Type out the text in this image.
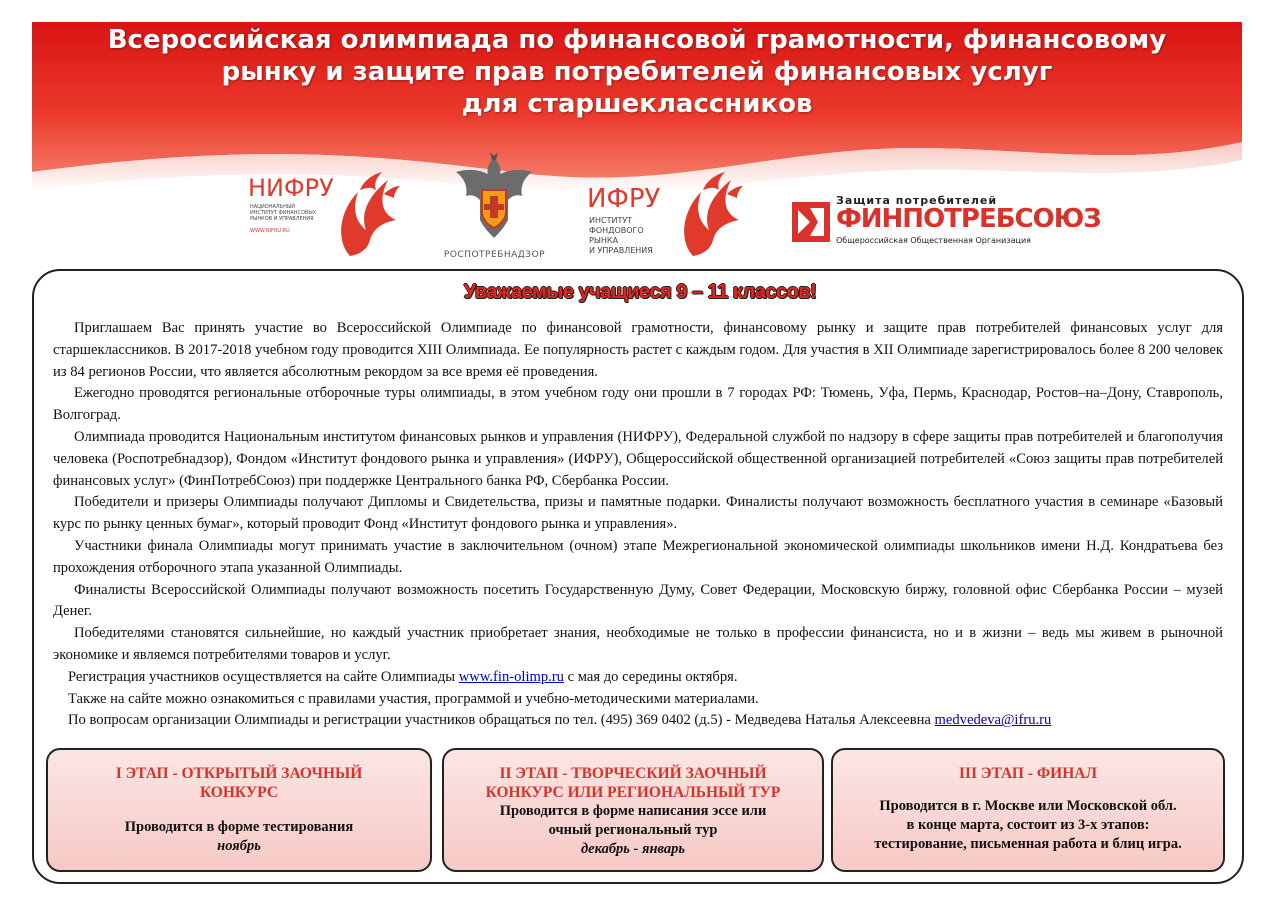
Всероссийская олимпиада по финансовой грамотности, финансовому
рынку и защите прав потребителей финансовых услуг
для старшеклассников
НИФРУ
НАЦИОНАЛЬНЫЙ ИНСТИТУТ ФИНАНСОВЫХ РЫНКОВ И УПРАВЛЕНИЯ
WWW.NIFRU.RU
РОСПОТРЕБНАДЗОР
ИФРУ
ИНСТИТУТ
ФОНДОВОГО
РЫНКА
И УПРАВЛЕНИЯ
Защита потребителей
ФИНПОТРЕБСОЮЗ
Общероссийская Общественная Организация
Уважаемые учащиеся 9 – 11 классов!

Приглашаем Вас принять участие во Всероссийской Олимпиаде по финансовой грамотности, финансовому рынку и защите прав потребителей финансовых услуг для старшеклассников. В 2017-2018 учебном году проводится XIII Олимпиада. Ее популярность растет с каждым годом. Для участия в XII Олимпиаде зарегистрировалось более 8 200 человек из 84 регионов России, что является абсолютным рекордом за все время её проведения.

Ежегодно проводятся региональные отборочные туры олимпиады, в этом учебном году они прошли в 7 городах РФ: Тюмень, Уфа, Пермь, Краснодар, Ростов–на–Дону, Ставрополь, Волгоград.

Олимпиада проводится Национальным институтом финансовых рынков и управления (НИФРУ), Федеральной службой по надзору в сфере защиты прав потребителей и благополучия человека (Роспотребнадзор), Фондом «Институт фондового рынка и управления» (ИФРУ), Общероссийской общественной организацией потребителей «Союз защиты прав потребителей финансовых услуг» (ФинПотребСоюз) при поддержке Центрального банка РФ, Сбербанка России.

Победители и призеры Олимпиады получают Дипломы и Свидетельства, призы и памятные подарки. Финалисты получают возможность бесплатного участия в семинаре «Базовый курс по рынку ценных бумаг», который проводит Фонд «Институт фондового рынка и управления».

Участники финала Олимпиады могут принимать участие в заключительном (очном) этапе Межрегиональной экономической олимпиады школьников имени Н.Д. Кондратьева без прохождения отборочного этапа указанной Олимпиады.

Финалисты Всероссийской Олимпиады получают возможность посетить Государственную Думу, Совет Федерации, Московскую биржу, головной офис Сбербанка России – музей Денег.

Победителями становятся сильнейшие, но каждый участник приобретает знания, необходимые не только в профессии финансиста, но и в жизни – ведь мы живем в рыночной экономике и являемся потребителями товаров и услуг.

Регистрация участников осуществляется на сайте Олимпиады www.fin-olimp.ru с мая до середины октября.

Также на сайте можно ознакомиться с правилами участия, программой и учебно-методическими материалами.

По вопросам организации Олимпиады и регистрации участников обращаться по тел. (495) 369 0402 (д.5) - Медведева Наталья Алексеевна medvedeva@ifru.ru

I ЭТАП - ОТКРЫТЫЙ ЗАОЧНЫЙ
КОНКУРС
Проводится в форме тестирования
ноябрь
II ЭТАП - ТВОРЧЕСКИЙ ЗАОЧНЫЙ
КОНКУРС ИЛИ РЕГИОНАЛЬНЫЙ ТУР
Проводится в форме написания эссе или
очный региональный тур
декабрь - январь
III ЭТАП - ФИНАЛ
Проводится в г. Москве или Московской обл.
в конце марта, состоит из 3-х этапов:
тестирование, письменная работа и блиц игра.
